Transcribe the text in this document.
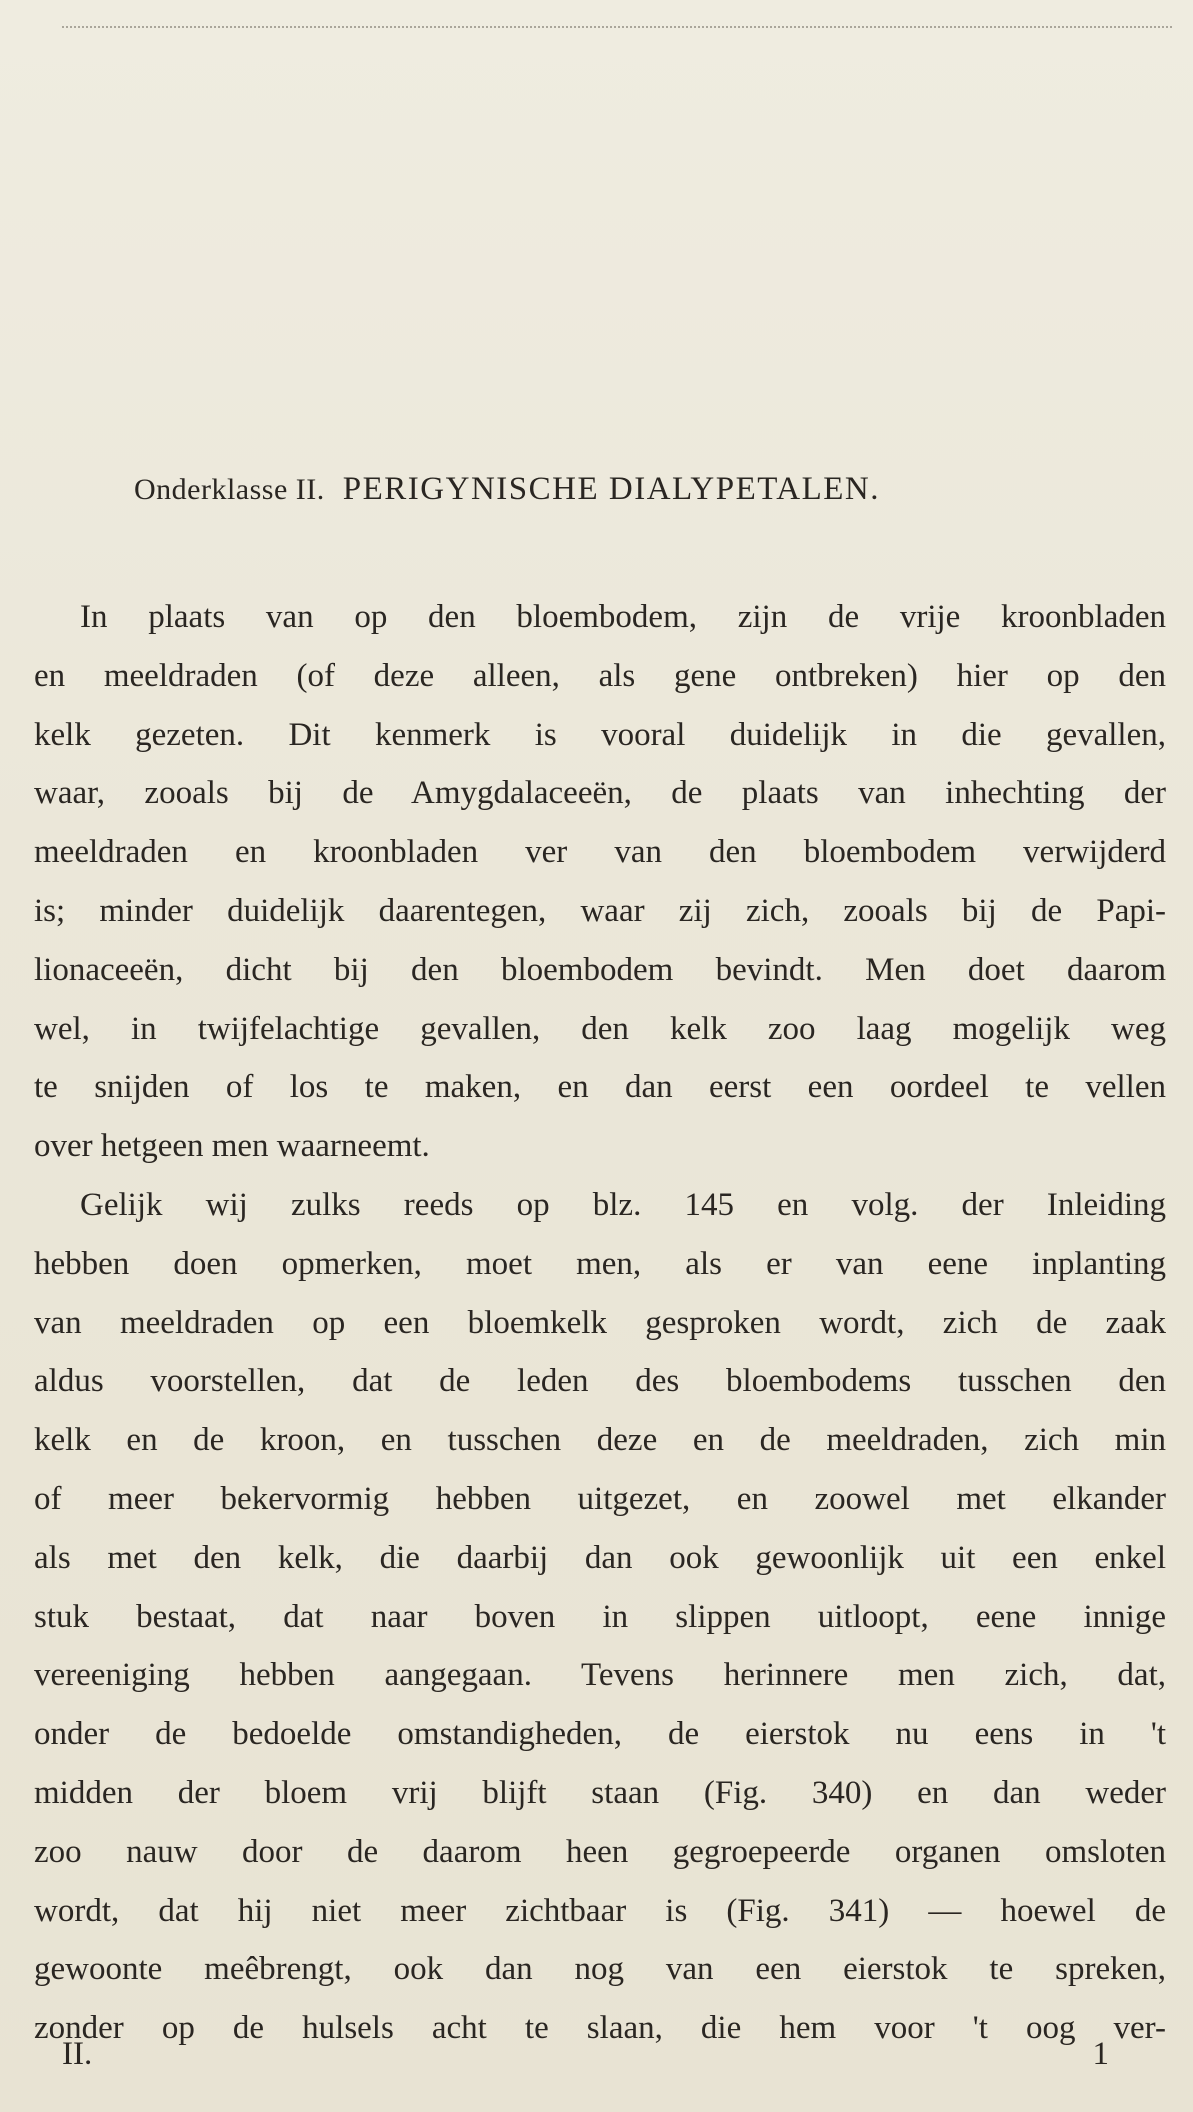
Onderklasse II. PERIGYNISCHE DIALYPETALEN.
In plaats van op den bloembodem, zijn de vrije kroonbladen
en meeldraden (of deze alleen, als gene ontbreken) hier op den
kelk gezeten. Dit kenmerk is vooral duidelijk in die gevallen,
waar, zooals bij de Amygdalaceeën, de plaats van inhechting der
meeldraden en kroonbladen ver van den bloembodem verwijderd
is; minder duidelijk daarentegen, waar zij zich, zooals bij de Papi-
lionaceeën, dicht bij den bloembodem bevindt. Men doet daarom
wel, in twijfelachtige gevallen, den kelk zoo laag mogelijk weg
te snijden of los te maken, en dan eerst een oordeel te vellen
over hetgeen men waarneemt.
Gelijk wij zulks reeds op blz. 145 en volg. der Inleiding
hebben doen opmerken, moet men, als er van eene inplanting
van meeldraden op een bloemkelk gesproken wordt, zich de zaak
aldus voorstellen, dat de leden des bloembodems tusschen den
kelk en de kroon, en tusschen deze en de meeldraden, zich min
of meer bekervormig hebben uitgezet, en zoowel met elkander
als met den kelk, die daarbij dan ook gewoonlijk uit een enkel
stuk bestaat, dat naar boven in slippen uitloopt, eene innige
vereeniging hebben aangegaan. Tevens herinnere men zich, dat,
onder de bedoelde omstandigheden, de eierstok nu eens in 't
midden der bloem vrij blijft staan (Fig. 340) en dan weder
zoo nauw door de daarom heen gegroepeerde organen omsloten
wordt, dat hij niet meer zichtbaar is (Fig. 341) — hoewel de
gewoonte meêbrengt, ook dan nog van een eierstok te spreken,
zonder op de hulsels acht te slaan, die hem voor 't oog ver-
II.	1
